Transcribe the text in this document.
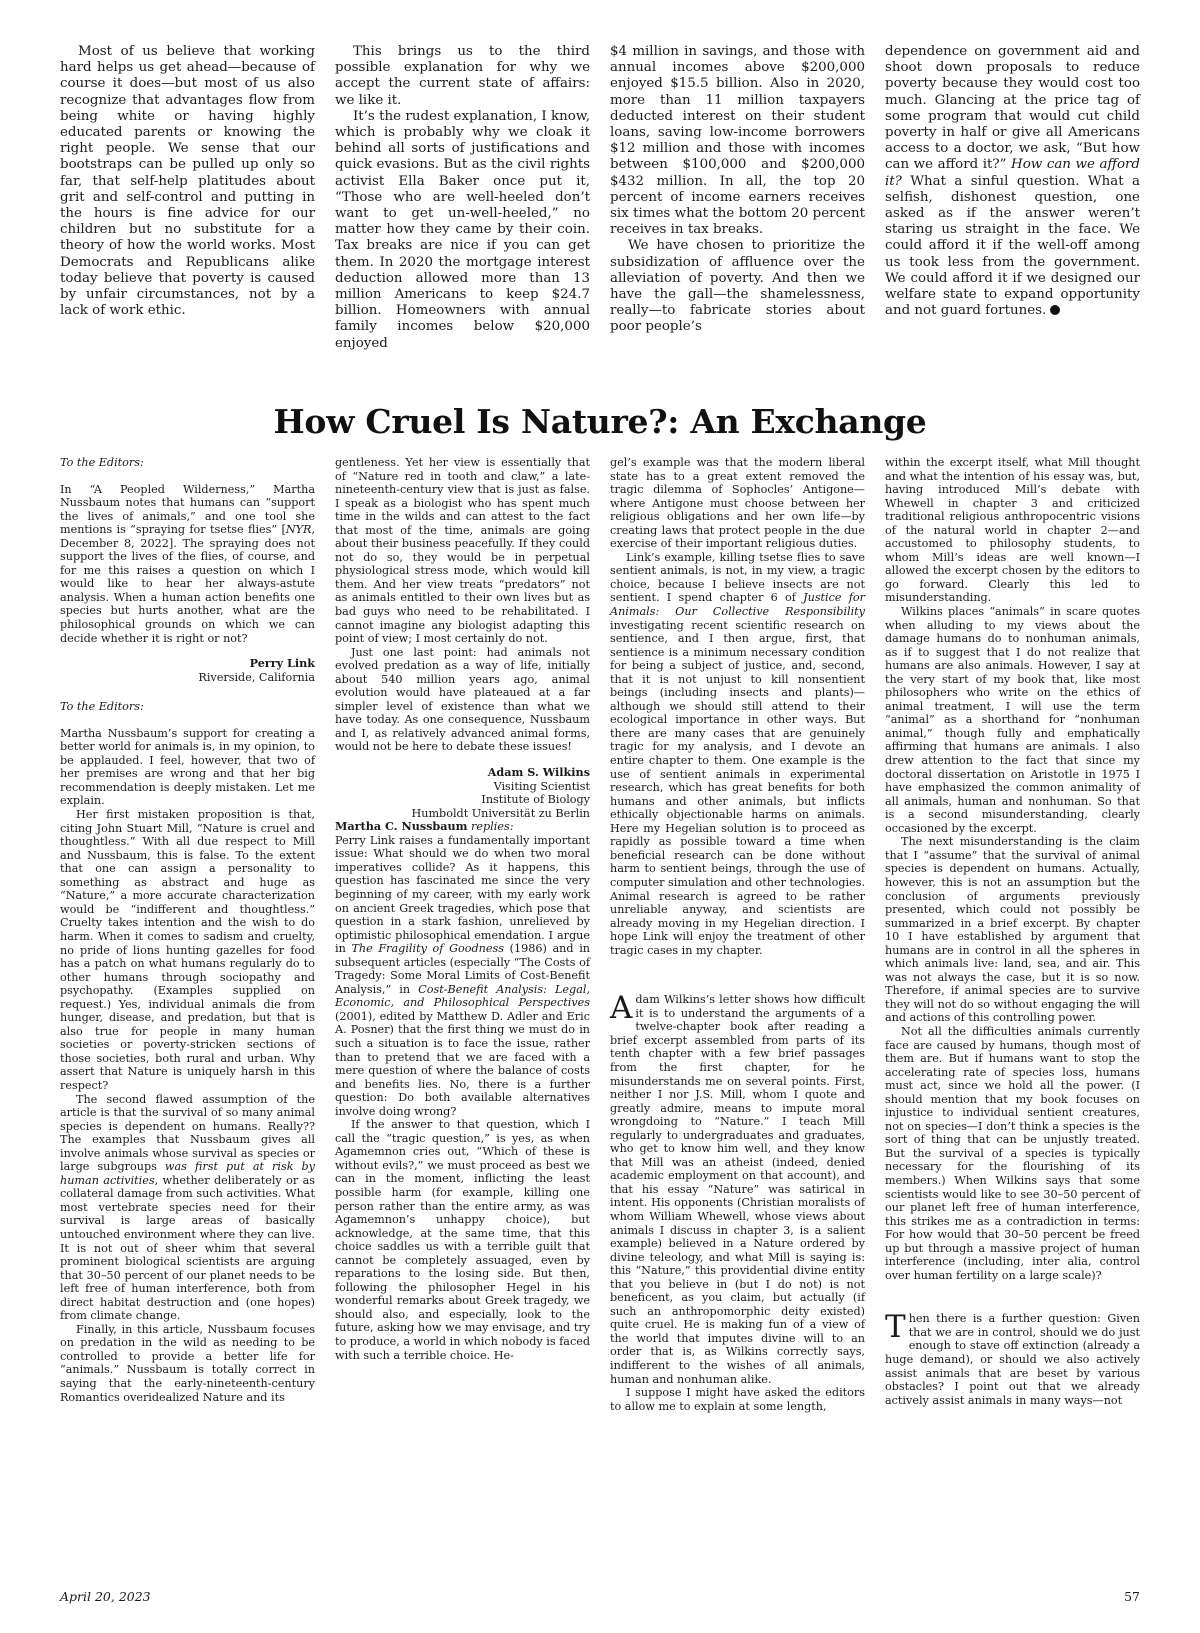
Most of us believe that working hard helps us get ahead—because of course it does—but most of us also recognize that advantages flow from being white or having highly educated parents or knowing the right people. We sense that our bootstraps can be pulled up only so far, that self-help platitudes about grit and self-control and putting in the hours is fine advice for our children but no substitute for a theory of how the world works. Most Democrats and Republicans alike today believe that poverty is caused by unfair circumstances, not by a lack of work ethic.

This brings us to the third possible explanation for why we accept the current state of affairs: we like it.

It’s the rudest explanation, I know, which is probably why we cloak it behind all sorts of justifications and quick evasions. But as the civil rights activist Ella Baker once put it, “Those who are well-heeled don’t want to get un-well-heeled,” no matter how they came by their coin. Tax breaks are nice if you can get them. In 2020 the mortgage interest deduction allowed more than 13 million Americans to keep $24.7 billion. Homeowners with annual family incomes below $20,000 enjoyed

$4 million in savings, and those with annual incomes above $200,000 enjoyed $15.5 billion. Also in 2020, more than 11 million taxpayers deducted interest on their student loans, saving low-income borrowers $12 million and those with incomes between $100,000 and $200,000 $432 million. In all, the top 20 percent of income earners receives six times what the bottom 20 percent receives in tax breaks.

We have chosen to prioritize the subsidization of affluence over the alleviation of poverty. And then we have the gall—the shamelessness, really—to fabricate stories about poor people’s

dependence on government aid and shoot down proposals to reduce poverty because they would cost too much. Glancing at the price tag of some program that would cut child poverty in half or give all Americans access to a doctor, we ask, “But how can we afford it?” How can we afford it? What a sinful question. What a selfish, dishonest question, one asked as if the answer weren’t staring us straight in the face. We could afford it if the well-off among us took less from the government. We could afford it if we designed our welfare state to expand opportunity and not guard fortunes.

How Cruel Is Nature?: An Exchange

To the Editors:

In “A Peopled Wilderness,” Martha Nussbaum notes that humans can “support the lives of animals,” and one tool she mentions is “spraying for tsetse flies” [NYR, December 8, 2022]. The spraying does not support the lives of the flies, of course, and for me this raises a question on which I would like to hear her always-astute analysis. When a human action benefits one species but hurts another, what are the philosophical grounds on which we can decide whether it is right or not?

Perry Link
Riverside, California

To the Editors:

Martha Nussbaum’s support for creating a better world for animals is, in my opinion, to be applauded. I feel, however, that two of her premises are wrong and that her big recommendation is deeply mistaken. Let me explain.

Her first mistaken proposition is that, citing John Stuart Mill, “Nature is cruel and thoughtless.” With all due respect to Mill and Nussbaum, this is false. To the extent that one can assign a personality to something as abstract and huge as “Nature,” a more accurate characterization would be “indifferent and thoughtless.” Cruelty takes intention and the wish to do harm. When it comes to sadism and cruelty, no pride of lions hunting gazelles for food has a patch on what humans regularly do to other humans through sociopathy and psychopathy. (Examples supplied on request.) Yes, individual animals die from hunger, disease, and predation, but that is also true for people in many human societies or poverty-stricken sections of those societies, both rural and urban. Why assert that Nature is uniquely harsh in this respect?

The second flawed assumption of the article is that the survival of so many animal species is dependent on humans. Really?? The examples that Nussbaum gives all involve animals whose survival as species or large subgroups was first put at risk by human activities, whether deliberately or as collateral damage from such activities. What most vertebrate species need for their survival is large areas of basically untouched environment where they can live. It is not out of sheer whim that several prominent biological scientists are arguing that 30–50 percent of our planet needs to be left free of human interference, both from direct habitat destruction and (one hopes) from climate change.

Finally, in this article, Nussbaum focuses on predation in the wild as needing to be controlled to provide a better life for “animals.” Nussbaum is totally correct in saying that the early-nineteenth-century Romantics overidealized Nature and its

gentleness. Yet her view is essentially that of “Nature red in tooth and claw,” a late-nineteenth-century view that is just as false. I speak as a biologist who has spent much time in the wilds and can attest to the fact that most of the time, animals are going about their business peacefully. If they could not do so, they would be in perpetual physiological stress mode, which would kill them. And her view treats “predators” not as animals entitled to their own lives but as bad guys who need to be rehabilitated. I cannot imagine any biologist adapting this point of view; I most certainly do not.

Just one last point: had animals not evolved predation as a way of life, initially about 540 million years ago, animal evolution would have plateaued at a far simpler level of existence than what we have today. As one consequence, Nussbaum and I, as relatively advanced animal forms, would not be here to debate these issues!

Adam S. Wilkins
Visiting Scientist
Institute of Biology
Humboldt Universität zu Berlin

Martha C. Nussbaum replies:

Perry Link raises a fundamentally important issue: What should we do when two moral imperatives collide? As it happens, this question has fascinated me since the very beginning of my career, with my early work on ancient Greek tragedies, which pose that question in a stark fashion, unrelieved by optimistic philosophical emendation. I argue in The Fragility of Goodness (1986) and in subsequent articles (especially “The Costs of Tragedy: Some Moral Limits of Cost-Benefit Analysis,” in Cost-Benefit Analysis: Legal, Economic, and Philosophical Perspectives (2001), edited by Matthew D. Adler and Eric A. Posner) that the first thing we must do in such a situation is to face the issue, rather than to pretend that we are faced with a mere question of where the balance of costs and benefits lies. No, there is a further question: Do both available alternatives involve doing wrong?

If the answer to that question, which I call the “tragic question,” is yes, as when Agamemnon cries out, “Which of these is without evils?,” we must proceed as best we can in the moment, inflicting the least possible harm (for example, killing one person rather than the entire army, as was Agamemnon’s unhappy choice), but acknowledge, at the same time, that this choice saddles us with a terrible guilt that cannot be completely assuaged, even by reparations to the losing side. But then, following the philosopher Hegel in his wonderful remarks about Greek tragedy, we should also, and especially, look to the future, asking how we may envisage, and try to produce, a world in which nobody is faced with such a terrible choice. He-

gel’s example was that the modern liberal state has to a great extent removed the tragic dilemma of Sophocles’ Antigone—where Antigone must choose between her religious obligations and her own life—by creating laws that protect people in the due exercise of their important religious duties.

Link’s example, killing tsetse flies to save sentient animals, is not, in my view, a tragic choice, because I believe insects are not sentient. I spend chapter 6 of Justice for Animals: Our Collective Responsibility investigating recent scientific research on sentience, and I then argue, first, that sentience is a minimum necessary condition for being a subject of justice, and, second, that it is not unjust to kill nonsentient beings (including insects and plants)—although we should still attend to their ecological importance in other ways. But there are many cases that are genuinely tragic for my analysis, and I devote an entire chapter to them. One example is the use of sentient animals in experimental research, which has great benefits for both humans and other animals, but inflicts ethically objectionable harms on animals. Here my Hegelian solution is to proceed as rapidly as possible toward a time when beneficial research can be done without harm to sentient beings, through the use of computer simulation and other technologies. Animal research is agreed to be rather unreliable anyway, and scientists are already moving in my Hegelian direction. I hope Link will enjoy the treatment of other tragic cases in my chapter.

Adam Wilkins’s letter shows how difficult it is to understand the arguments of a twelve-chapter book after reading a brief excerpt assembled from parts of its tenth chapter with a few brief passages from the first chapter, for he misunderstands me on several points. First, neither I nor J.S. Mill, whom I quote and greatly admire, means to impute moral wrongdoing to “Nature.” I teach Mill regularly to undergraduates and graduates, who get to know him well, and they know that Mill was an atheist (indeed, denied academic employment on that account), and that his essay “Nature” was satirical in intent. His opponents (Christian moralists of whom William Whewell, whose views about animals I discuss in chapter 3, is a salient example) believed in a Nature ordered by divine teleology, and what Mill is saying is: this “Nature,” this providential divine entity that you believe in (but I do not) is not beneficent, as you claim, but actually (if such an anthropomorphic deity existed) quite cruel. He is making fun of a view of the world that imputes divine will to an order that is, as Wilkins correctly says, indifferent to the wishes of all animals, human and nonhuman alike.

I suppose I might have asked the editors to allow me to explain at some length,

within the excerpt itself, what Mill thought and what the intention of his essay was, but, having introduced Mill’s debate with Whewell in chapter 3 and criticized traditional religious anthropocentric visions of the natural world in chapter 2—and accustomed to philosophy students, to whom Mill’s ideas are well known—I allowed the excerpt chosen by the editors to go forward. Clearly this led to misunderstanding.

Wilkins places “animals” in scare quotes when alluding to my views about the damage humans do to nonhuman animals, as if to suggest that I do not realize that humans are also animals. However, I say at the very start of my book that, like most philosophers who write on the ethics of animal treatment, I will use the term “animal” as a shorthand for “nonhuman animal,” though fully and emphatically affirming that humans are animals. I also drew attention to the fact that since my doctoral dissertation on Aristotle in 1975 I have emphasized the common animality of all animals, human and nonhuman. So that is a second misunderstanding, clearly occasioned by the excerpt.

The next misunderstanding is the claim that I “assume” that the survival of animal species is dependent on humans. Actually, however, this is not an assumption but the conclusion of arguments previously presented, which could not possibly be summarized in a brief excerpt. By chapter 10 I have established by argument that humans are in control in all the spheres in which animals live: land, sea, and air. This was not always the case, but it is so now. Therefore, if animal species are to survive they will not do so without engaging the will and actions of this controlling power.

Not all the difficulties animals currently face are caused by humans, though most of them are. But if humans want to stop the accelerating rate of species loss, humans must act, since we hold all the power. (I should mention that my book focuses on injustice to individual sentient creatures, not on species—I don’t think a species is the sort of thing that can be unjustly treated. But the survival of a species is typically necessary for the flourishing of its members.) When Wilkins says that some scientists would like to see 30–50 percent of our planet left free of human interference, this strikes me as a contradiction in terms: For how would that 30–50 percent be freed up but through a massive project of human interference (including, inter alia, control over human fertility on a large scale)?

Then there is a further question: Given that we are in control, should we do just enough to stave off extinction (already a huge demand), or should we also actively assist animals that are beset by various obstacles? I point out that we already actively assist animals in many ways—not

April 20, 2023	57
